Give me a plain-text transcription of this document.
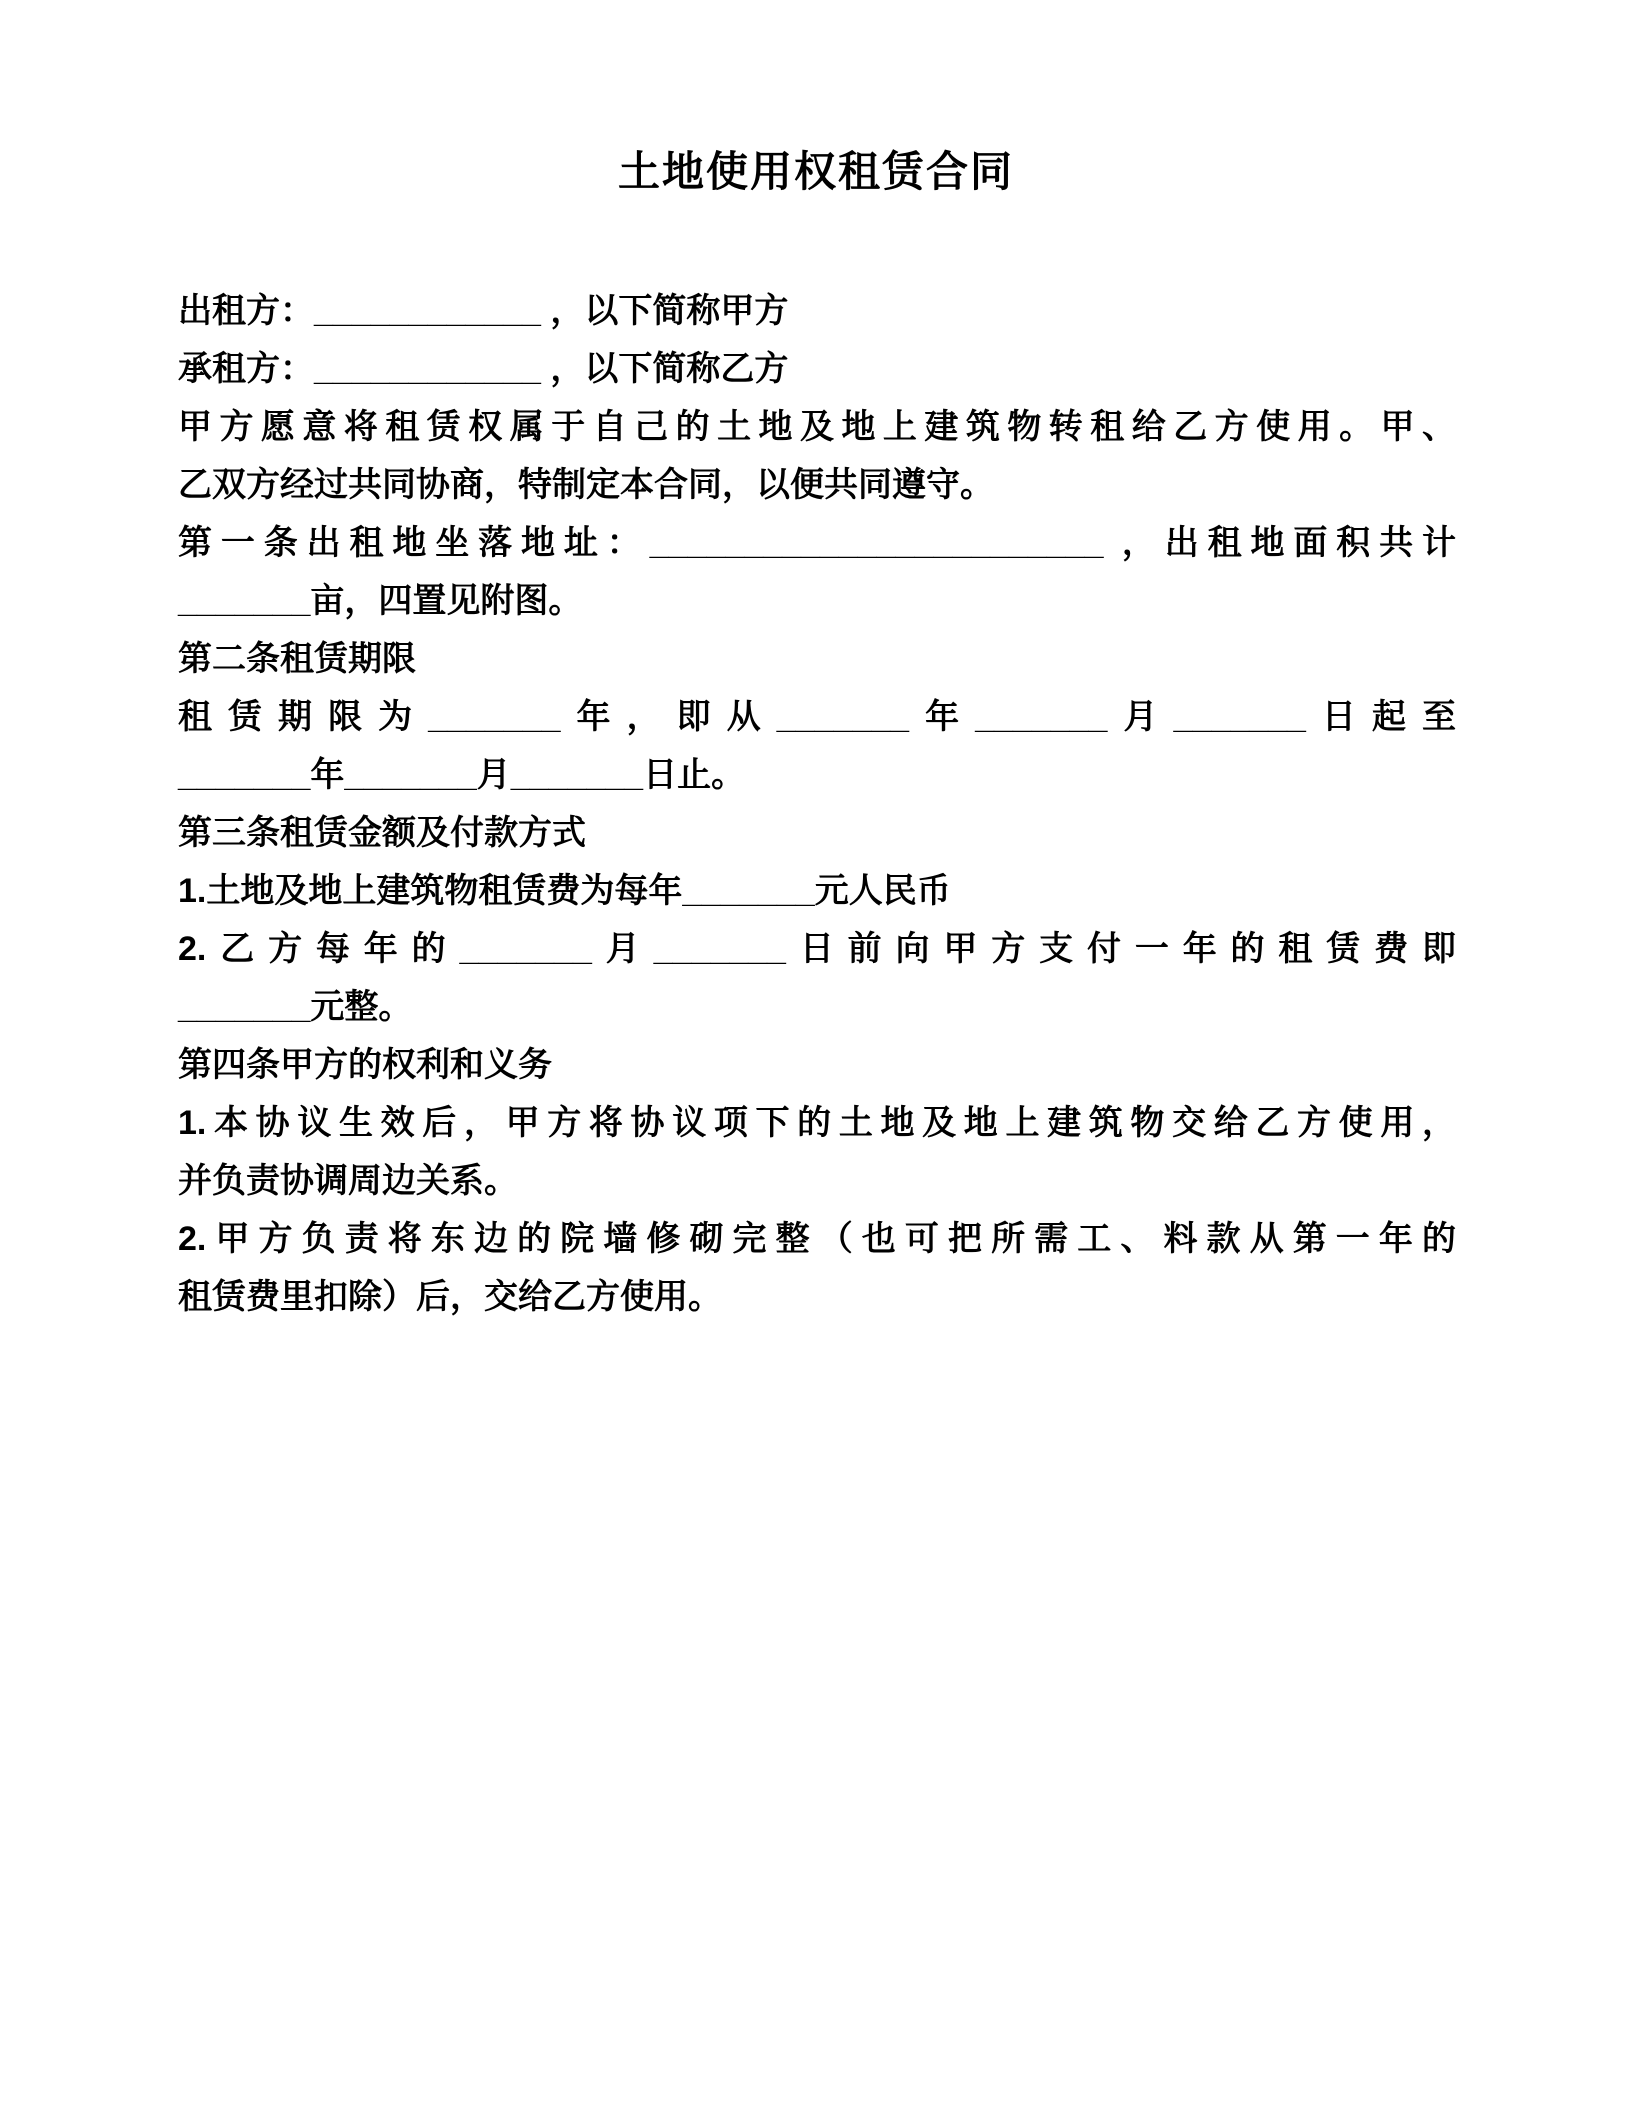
土地使用权租赁合同
出租方：____________ ，以下简称甲方
承租方：____________ ，以下简称乙方
甲方愿意将租赁权属于自己的土地及地上建筑物转租给乙方使用。甲、
乙双方经过共同协商，特制定本合同，以便共同遵守。
第一条出租地坐落地址：________________________ ，出租地面积共计
_______亩，四置见附图。
第二条租赁期限
租赁期限为_______年，即从_______年_______月_______日起至
_______年_______月_______日止。
第三条租赁金额及付款方式
1.土地及地上建筑物租赁费为每年_______元人民币
2.乙方每年的_______月_______日前向甲方支付一年的租赁费即
_______元整。
第四条甲方的权利和义务
1.本协议生效后，甲方将协议项下的土地及地上建筑物交给乙方使用，
并负责协调周边关系。
2.甲方负责将东边的院墙修砌完整（也可把所需工、料款从第一年的
租赁费里扣除）后，交给乙方使用。
